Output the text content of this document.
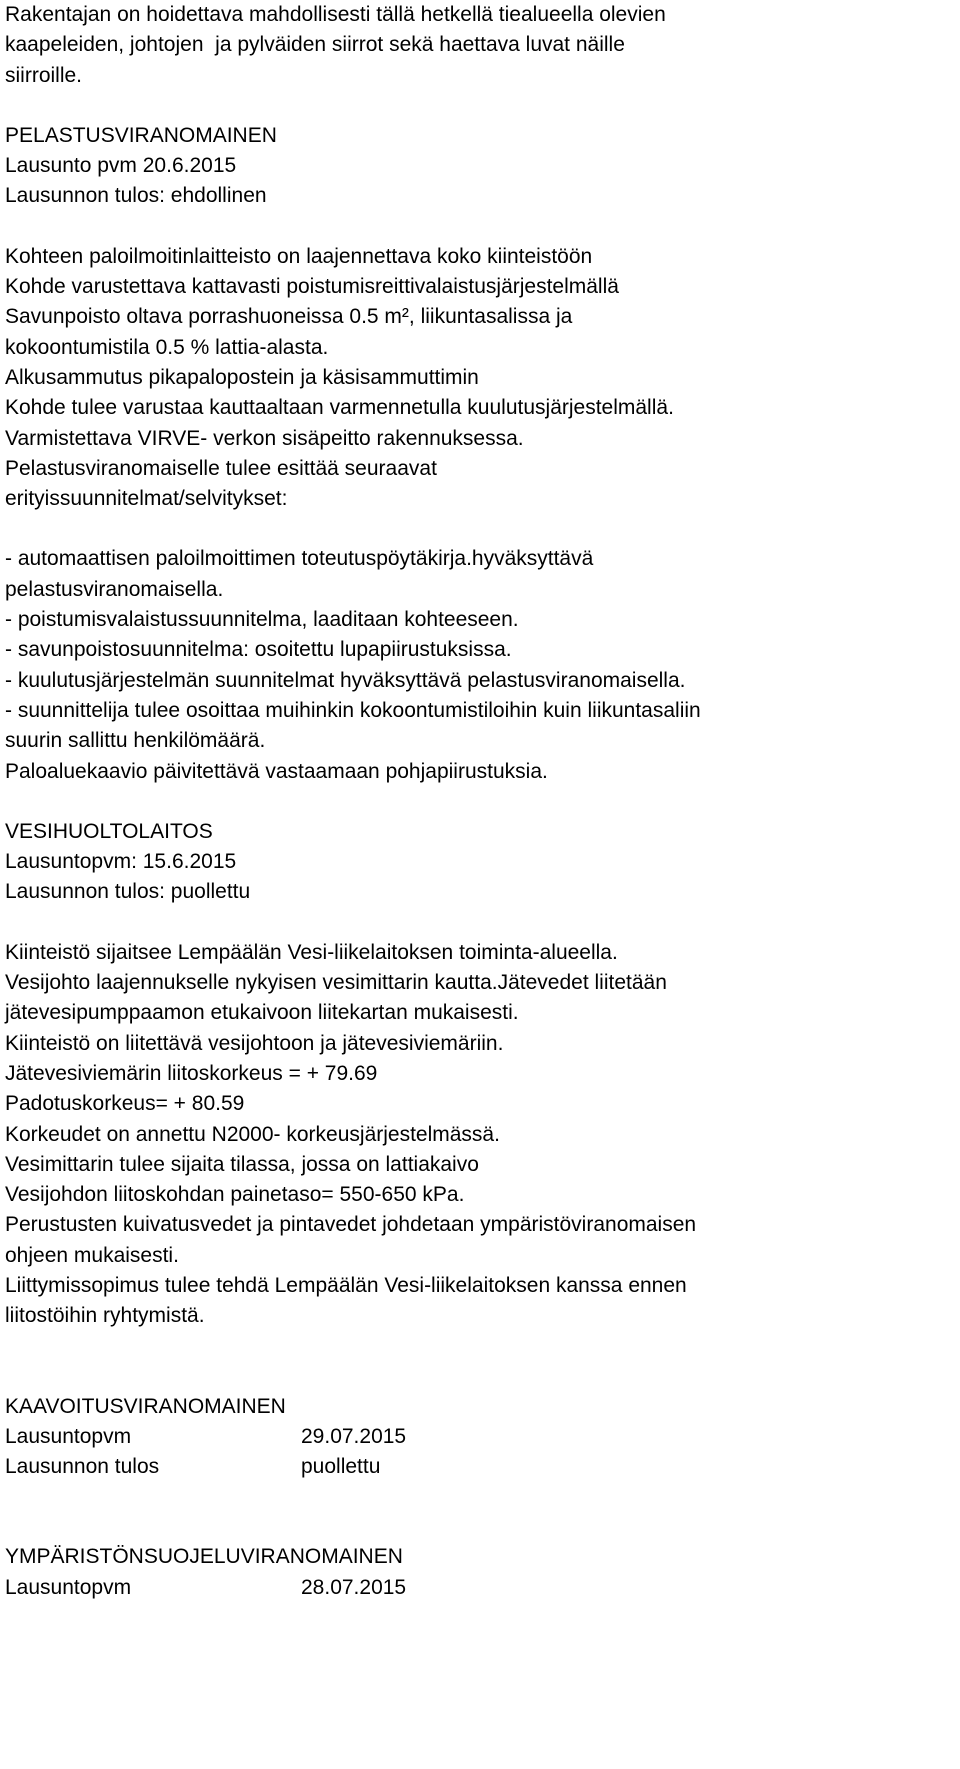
Rakentajan on hoidettava mahdollisesti tällä hetkellä tiealueella olevien
kaapeleiden, johtojen  ja pylväiden siirrot sekä haettava luvat näille
siirroille.
PELASTUSVIRANOMAINEN
Lausunto pvm 20.6.2015
Lausunnon tulos: ehdollinen
Kohteen paloilmoitinlaitteisto on laajennettava koko kiinteistöön
Kohde varustettava kattavasti poistumisreittivalaistusjärjestelmällä
Savunpoisto oltava porrashuoneissa 0.5 m², liikuntasalissa ja
kokoontumistila 0.5 % lattia-alasta.
Alkusammutus pikapalopostein ja käsisammuttimin
Kohde tulee varustaa kauttaaltaan varmennetulla kuulutusjärjestelmällä.
Varmistettava VIRVE- verkon sisäpeitto rakennuksessa.
Pelastusviranomaiselle tulee esittää seuraavat
erityissuunnitelmat/selvitykset:
- automaattisen paloilmoittimen toteutuspöytäkirja.hyväksyttävä
pelastusviranomaisella.
- poistumisvalaistussuunnitelma, laaditaan kohteeseen.
- savunpoistosuunnitelma: osoitettu lupapiirustuksissa.
- kuulutusjärjestelmän suunnitelmat hyväksyttävä pelastusviranomaisella.
- suunnittelija tulee osoittaa muihinkin kokoontumistiloihin kuin liikuntasaliin
suurin sallittu henkilömäärä.
Paloaluekaavio päivitettävä vastaamaan pohjapiirustuksia.
VESIHUOLTOLAITOS
Lausuntopvm: 15.6.2015
Lausunnon tulos: puollettu
Kiinteistö sijaitsee Lempäälän Vesi-liikelaitoksen toiminta-alueella.
Vesijohto laajennukselle nykyisen vesimittarin kautta.Jätevedet liitetään
jätevesipumppaamon etukaivoon liitekartan mukaisesti.
Kiinteistö on liitettävä vesijohtoon ja jätevesiviemäriin.
Jätevesiviemärin liitoskorkeus = + 79.69
Padotuskorkeus= + 80.59
Korkeudet on annettu N2000- korkeusjärjestelmässä.
Vesimittarin tulee sijaita tilassa, jossa on lattiakaivo
Vesijohdon liitoskohdan painetaso= 550-650 kPa.
Perustusten kuivatusvedet ja pintavedet johdetaan ympäristöviranomaisen
ohjeen mukaisesti.
Liittymissopimus tulee tehdä Lempäälän Vesi-liikelaitoksen kanssa ennen
liitostöihin ryhtymistä.
KAAVOITUSVIRANOMAINEN
Lausuntopvm	29.07.2015
Lausunnon tulos	puollettu
YMPÄRISTÖNSUOJELUVIRANOMAINEN
Lausuntopvm	28.07.2015
